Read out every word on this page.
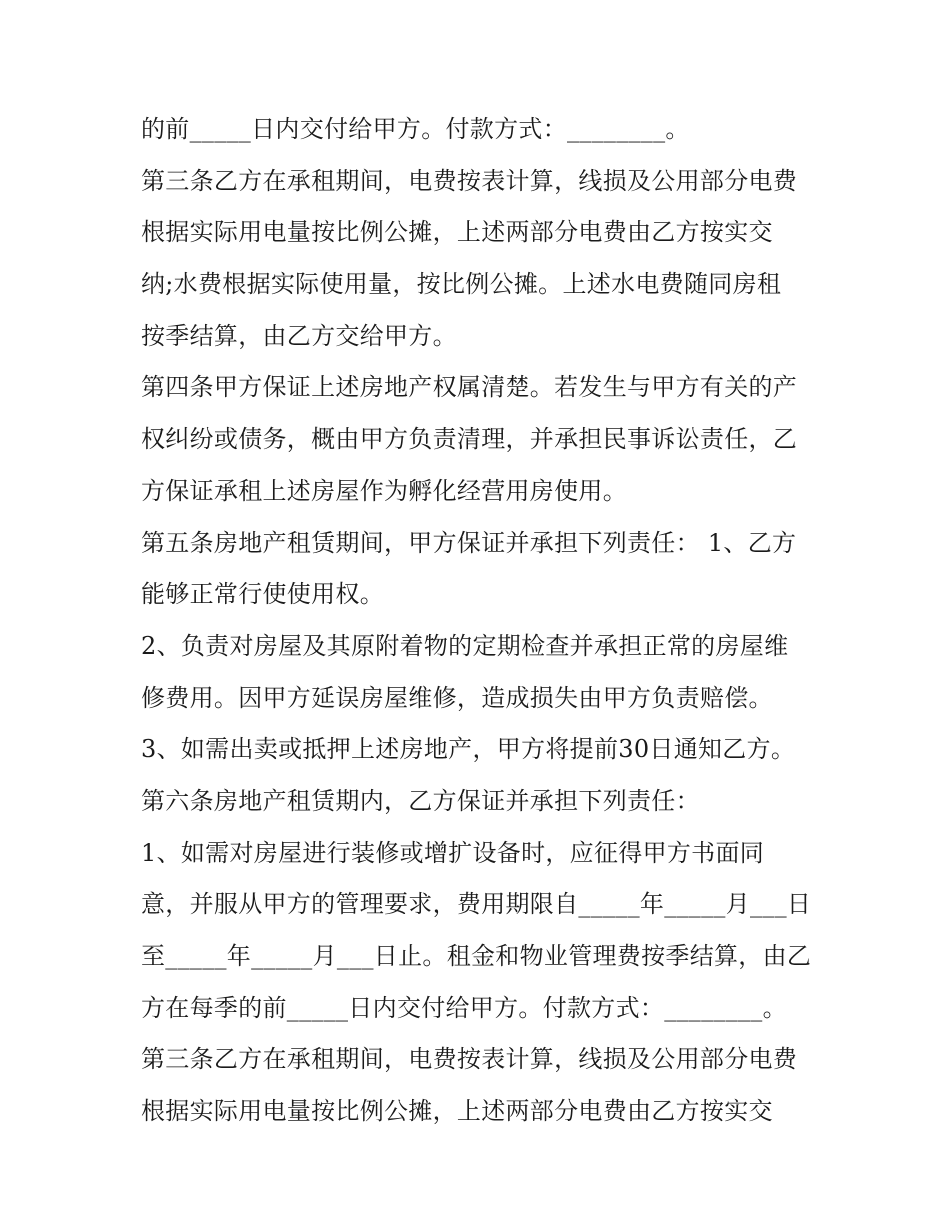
的前_____日内交付给甲方。付款方式：________。
第三条乙方在承租期间，电费按表计算，线损及公用部分电费
根据实际用电量按比例公摊，上述两部分电费由乙方按实交
纳;水费根据实际使用量，按比例公摊。上述水电费随同房租
按季结算，由乙方交给甲方。
第四条甲方保证上述房地产权属清楚。若发生与甲方有关的产
权纠纷或债务，概由甲方负责清理，并承担民事诉讼责任，乙
方保证承租上述房屋作为孵化经营用房使用。
第五条房地产租赁期间，甲方保证并承担下列责任： 1、乙方
能够正常行使使用权。
2、负责对房屋及其原附着物的定期检查并承担正常的房屋维
修费用。因甲方延误房屋维修，造成损失由甲方负责赔偿。
3、如需出卖或抵押上述房地产，甲方将提前30日通知乙方。
第六条房地产租赁期内，乙方保证并承担下列责任：
1、如需对房屋进行装修或增扩设备时，应征得甲方书面同
意，并服从甲方的管理要求，费用期限自_____年_____月___日
至_____年_____月___日止。租金和物业管理费按季结算，由乙
方在每季的前_____日内交付给甲方。付款方式：________。
第三条乙方在承租期间，电费按表计算，线损及公用部分电费
根据实际用电量按比例公摊，上述两部分电费由乙方按实交
